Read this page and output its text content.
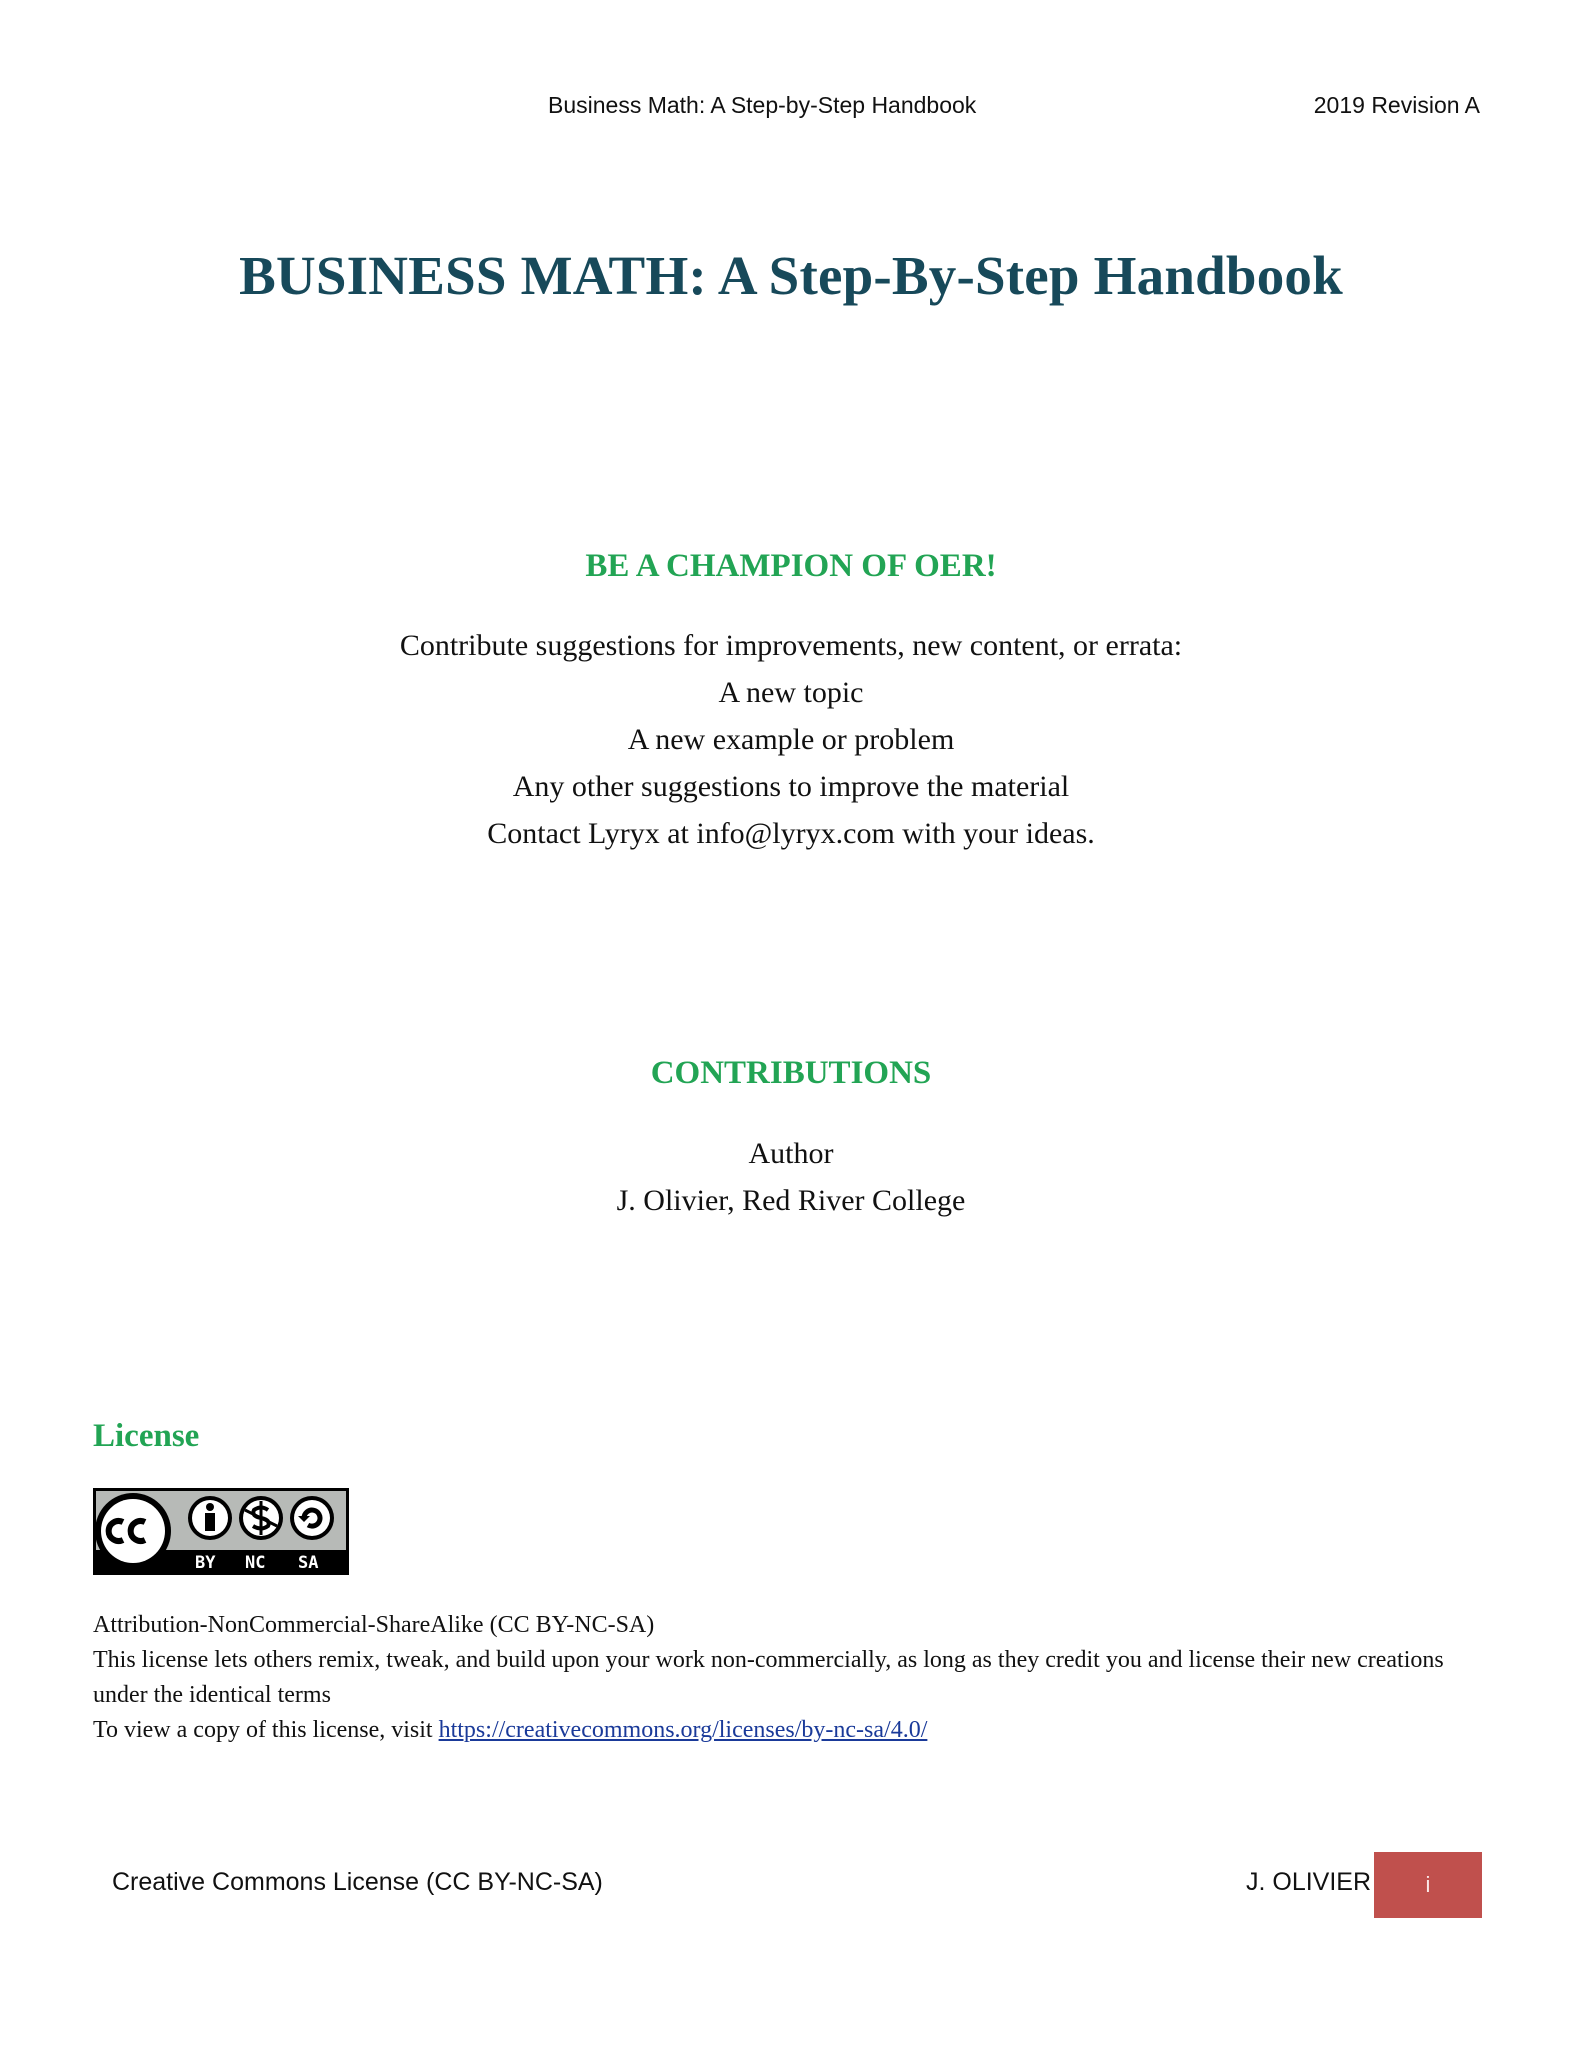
Business Math: A Step-by-Step Handbook	2019 Revision A
BUSINESS MATH: A Step-By-Step Handbook
BE A CHAMPION OF OER!
Contribute suggestions for improvements, new content, or errata:
A new topic
A new example or problem
Any other suggestions to improve the material
Contact Lyryx at info@lyryx.com with your ideas.
CONTRIBUTIONS
Author
J. Olivier, Red River College
License
BY NC SA
Attribution-NonCommercial-ShareAlike (CC BY-NC-SA)
This license lets others remix, tweak, and build upon your work non-commercially, as long as they credit you and license their new creations under the identical terms
To view a copy of this license, visit https://creativecommons.org/licenses/by-nc-sa/4.0/
Creative Commons License (CC BY-NC-SA)	J. OLIVIER	i
